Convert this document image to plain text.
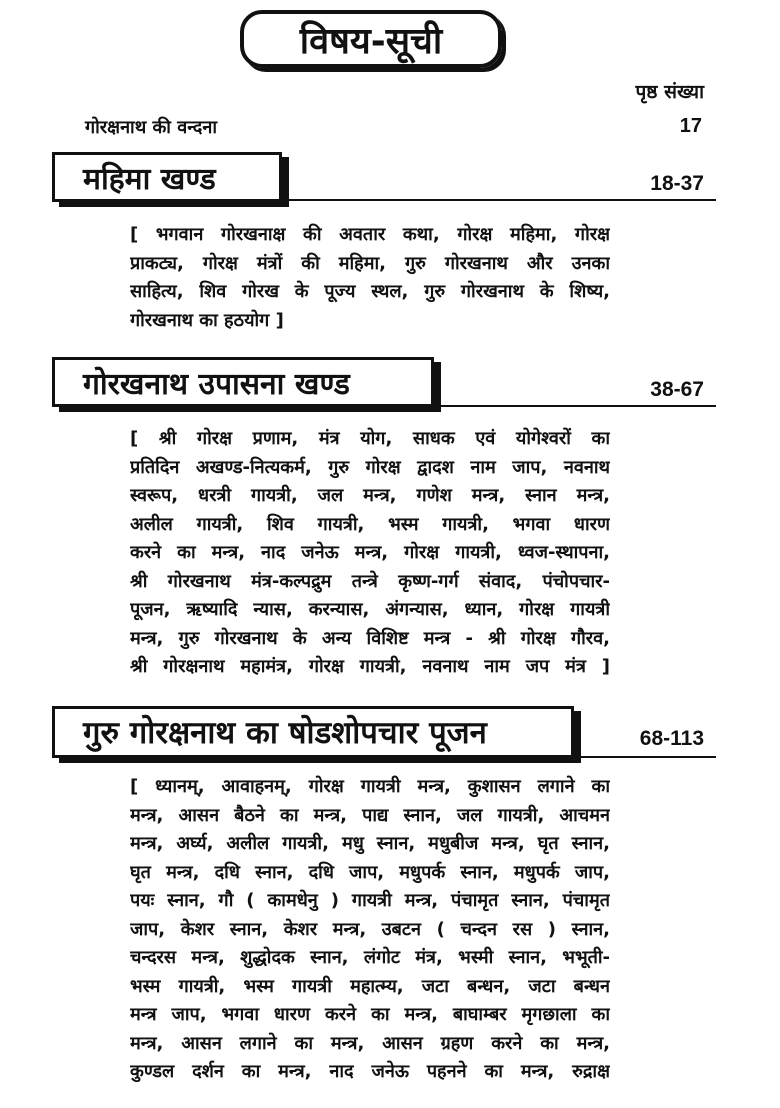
विषय-सूची
पृष्ठ संख्या
गोरक्षनाथ की वन्दना	17
महिमा खण्ड	18-37
[ भगवान गोरखनाक्ष की अवतार कथा, गोरक्ष महिमा, गोरक्ष
प्राकट्य, गोरक्ष मंत्रों की महिमा, गुरु गोरखनाथ और उनका
साहित्य, शिव गोरख के पूज्य स्थल, गुरु गोरखनाथ के शिष्य,
गोरखनाथ का हठयोग ]
गोरखनाथ उपासना खण्ड	38-67
[ श्री गोरक्ष प्रणाम, मंत्र योग, साधक एवं योगेश्वरों का
प्रतिदिन अखण्ड-नित्यकर्म, गुरु गोरक्ष द्वादश नाम जाप, नवनाथ
स्वरूप, धरत्री गायत्री, जल मन्त्र, गणेश मन्त्र, स्नान मन्त्र,
अलील गायत्री, शिव गायत्री, भस्म गायत्री, भगवा धारण
करने का मन्त्र, नाद जनेऊ मन्त्र, गोरक्ष गायत्री, ध्वज-स्थापना,
श्री गोरखनाथ मंत्र-कल्पद्रुम तन्त्रे कृष्ण-गर्ग संवाद, पंचोपचार-
पूजन, ऋष्यादि न्यास, करन्यास, अंगन्यास, ध्यान, गोरक्ष गायत्री
मन्त्र, गुरु गोरखनाथ के अन्य विशिष्ट मन्त्र - श्री गोरक्ष गौरव,
श्री गोरक्षनाथ महामंत्र, गोरक्ष गायत्री, नवनाथ नाम जप मंत्र ]
गुरु गोरक्षनाथ का षोडशोपचार पूजन	68-113
[ ध्यानम्, आवाहनम्, गोरक्ष गायत्री मन्त्र, कुशासन लगाने का
मन्त्र, आसन बैठने का मन्त्र, पाद्य स्नान, जल गायत्री, आचमन
मन्त्र, अर्घ्य, अलील गायत्री, मधु स्नान, मधुबीज मन्त्र, घृत स्नान,
घृत मन्त्र, दधि स्नान, दधि जाप, मधुपर्क स्नान, मधुपर्क जाप,
पयः स्नान, गौ ( कामधेनु ) गायत्री मन्त्र, पंचामृत स्नान, पंचामृत
जाप, केशर स्नान, केशर मन्त्र, उबटन ( चन्दन रस ) स्नान,
चन्दरस मन्त्र, शुद्धोदक स्नान, लंगोट मंत्र, भस्मी स्नान, भभूती-
भस्म गायत्री, भस्म गायत्री महात्म्य, जटा बन्धन, जटा बन्धन
मन्त्र जाप, भगवा धारण करने का मन्त्र, बाघाम्बर मृगछाला का
मन्त्र, आसन लगाने का मन्त्र, आसन ग्रहण करने का मन्त्र,
कुण्डल दर्शन का मन्त्र, नाद जनेऊ पहनने का मन्त्र, रुद्राक्ष
